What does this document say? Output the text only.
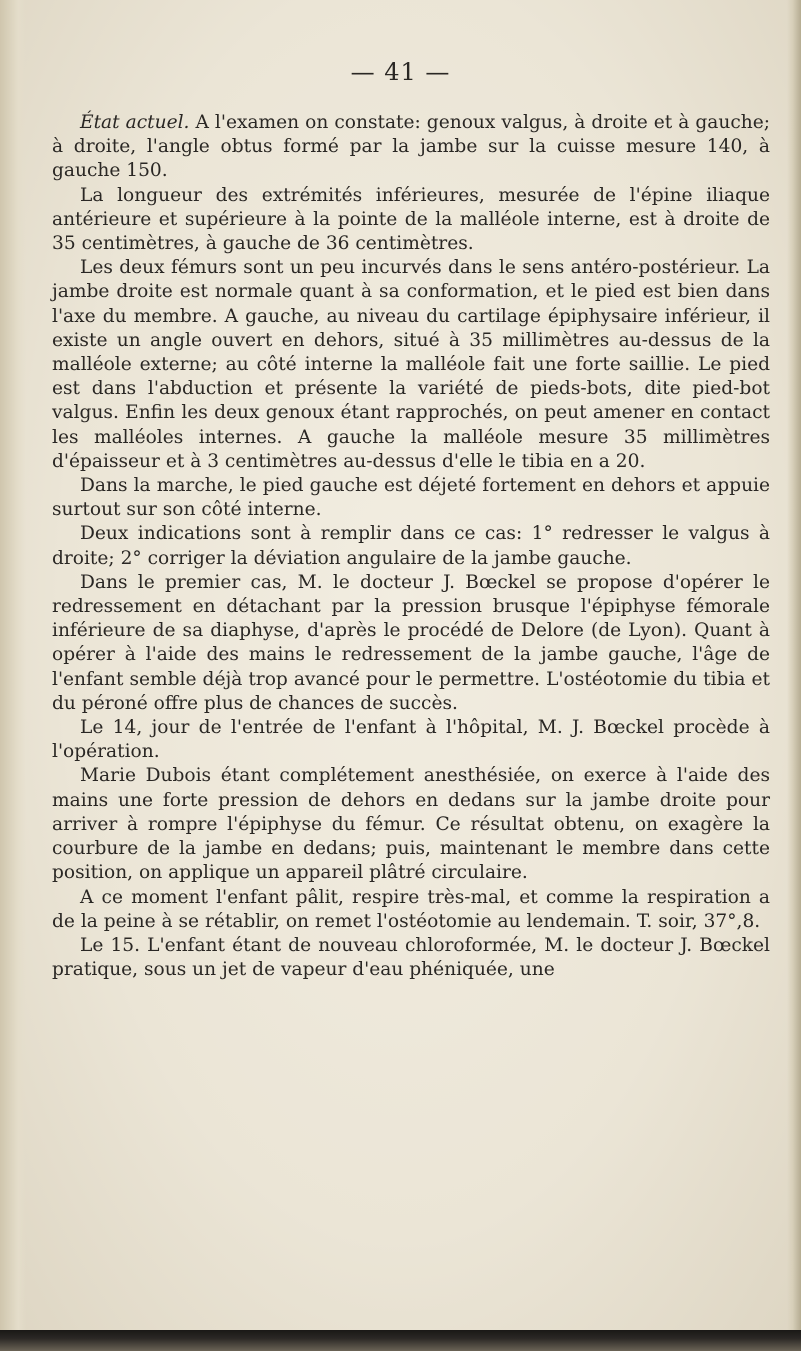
— 41 —

État actuel. A l'examen on constate: genoux valgus, à droite et à gauche; à droite, l'angle obtus formé par la jambe sur la cuisse mesure 140, à gauche 150.

La longueur des extrémités inférieures, mesurée de l'épine iliaque antérieure et supérieure à la pointe de la malléole interne, est à droite de 35 centimètres, à gauche de 36 centimètres.

Les deux fémurs sont un peu incurvés dans le sens antéro-postérieur. La jambe droite est normale quant à sa conformation, et le pied est bien dans l'axe du membre. A gauche, au niveau du cartilage épiphysaire inférieur, il existe un angle ouvert en dehors, situé à 35 millimètres au-dessus de la malléole externe; au côté interne la malléole fait une forte saillie. Le pied est dans l'abduction et présente la variété de pieds-bots, dite pied-bot valgus. Enfin les deux genoux étant rapprochés, on peut amener en contact les malléoles internes. A gauche la malléole mesure 35 millimètres d'épaisseur et à 3 centimètres au-dessus d'elle le tibia en a 20.

Dans la marche, le pied gauche est déjeté fortement en dehors et appuie surtout sur son côté interne.

Deux indications sont à remplir dans ce cas: 1° redresser le valgus à droite; 2° corriger la déviation angulaire de la jambe gauche.

Dans le premier cas, M. le docteur J. Bœckel se propose d'opérer le redressement en détachant par la pression brusque l'épiphyse fémorale inférieure de sa diaphyse, d'après le procédé de Delore (de Lyon). Quant à opérer à l'aide des mains le redressement de la jambe gauche, l'âge de l'enfant semble déjà trop avancé pour le permettre. L'ostéotomie du tibia et du péroné offre plus de chances de succès.

Le 14, jour de l'entrée de l'enfant à l'hôpital, M. J. Bœckel procède à l'opération.

Marie Dubois étant complétement anesthésiée, on exerce à l'aide des mains une forte pression de dehors en dedans sur la jambe droite pour arriver à rompre l'épiphyse du fémur. Ce résultat obtenu, on exagère la courbure de la jambe en dedans; puis, maintenant le membre dans cette position, on applique un appareil plâtré circulaire.

A ce moment l'enfant pâlit, respire très-mal, et comme la respiration a de la peine à se rétablir, on remet l'ostéotomie au lendemain. T. soir, 37°,8.

Le 15. L'enfant étant de nouveau chloroformée, M. le docteur J. Bœckel pratique, sous un jet de vapeur d'eau phéniquée, une
